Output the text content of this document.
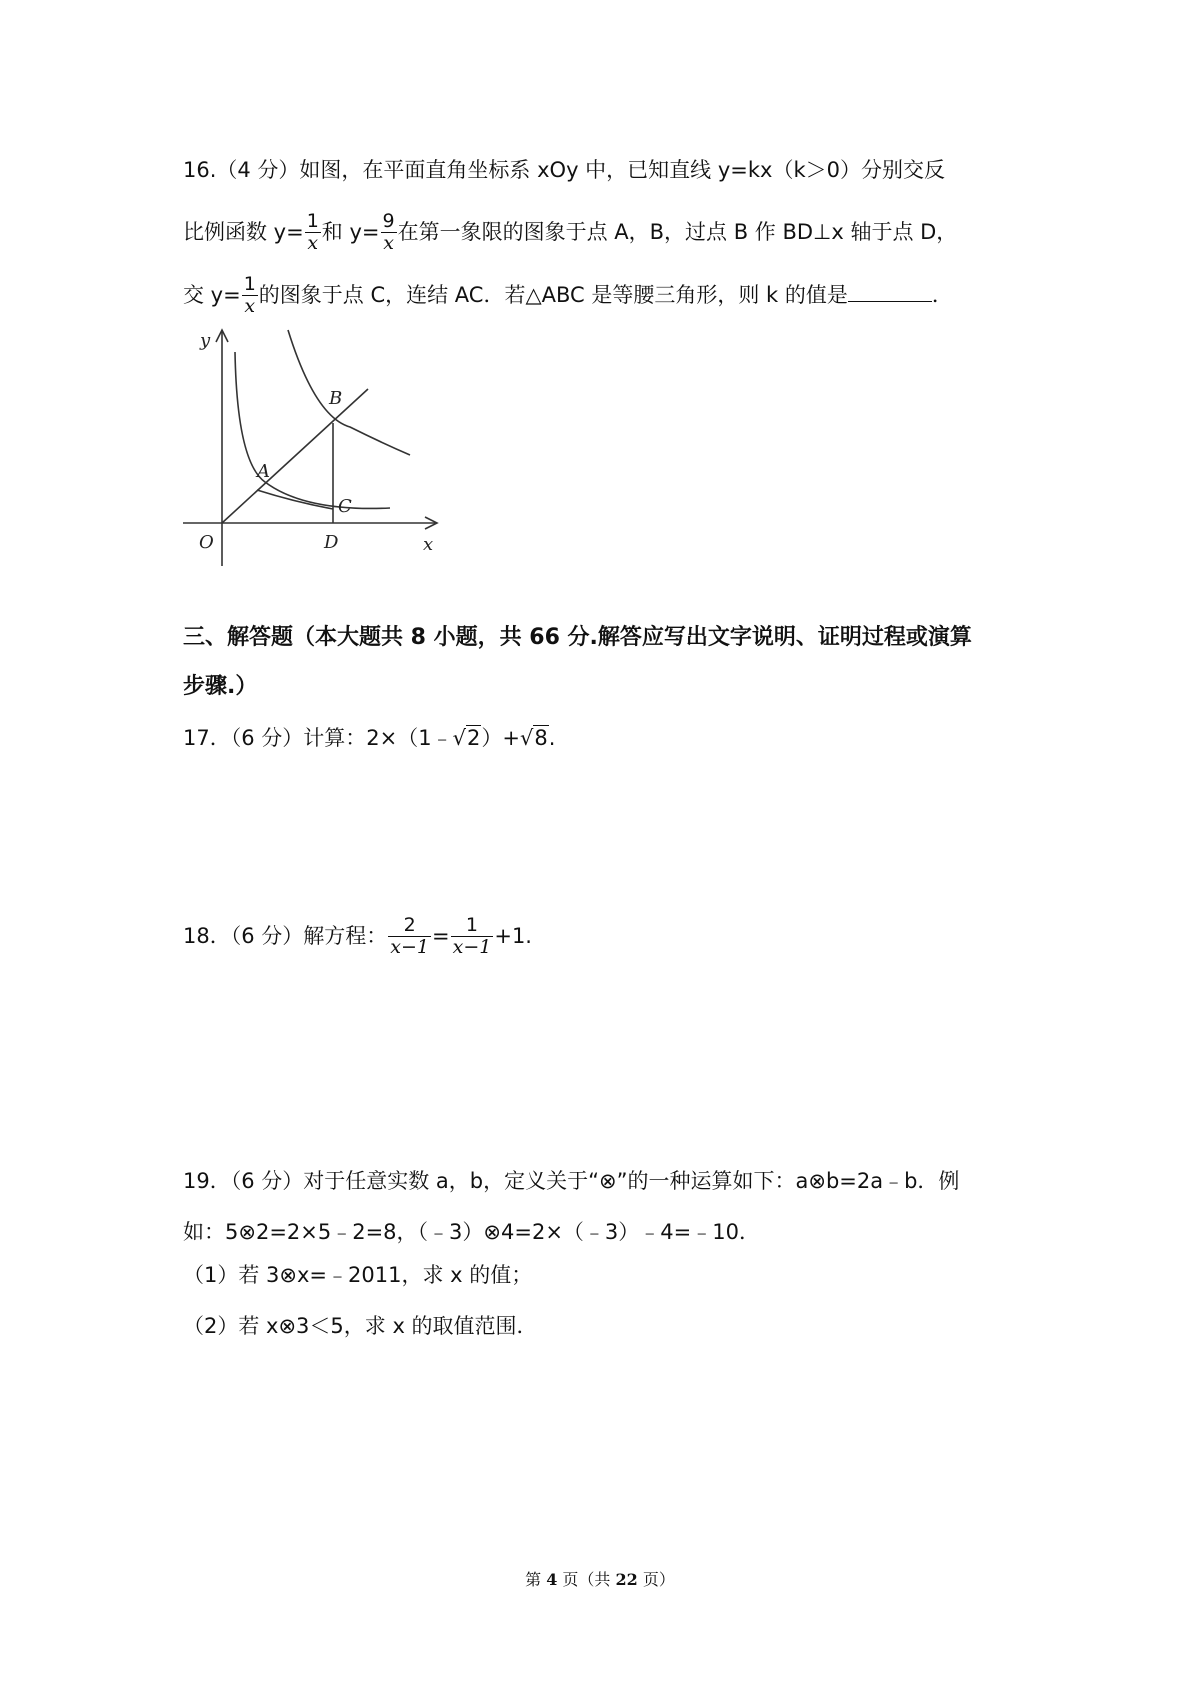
16.（4 分）如图，在平面直角坐标系 xOy 中，已知直线 y=kx（k＞0）分别交反
比例函数 $y= \frac{1}{x}$ 和 $y= \frac{9}{x}$ 在第一象限的图象于点 A，B，过点 B 作 BD⊥x 轴于点 D，
交 $y= \frac{1}{x}$ 的图象于点 C，连结 AC．若△ABC 是等腰三角形，则 k 的值是	．
y
x
O
A
B
C
D
三、解答题（本大题共 8 小题，共 66 分.解答应写出文字说明、证明过程或演算
步骤.）
17．（6 分）计算：2×（1﹣√2）+√8.
18．（6 分）解方程： $\frac{2}{x-1} = \frac{1}{x-1} +1$.
19．（6 分）对于任意实数 a，b，定义关于“⊗”的一种运算如下：a⊗b=2a﹣b．例
如：5⊗2=2×5﹣2=8，（﹣3）⊗4=2×（﹣3）﹣4=﹣10．
（1）若 3⊗x=﹣2011，求 x 的值；
（2）若 x⊗3＜5，求 x 的取值范围．
第 4 页（共 22 页）
